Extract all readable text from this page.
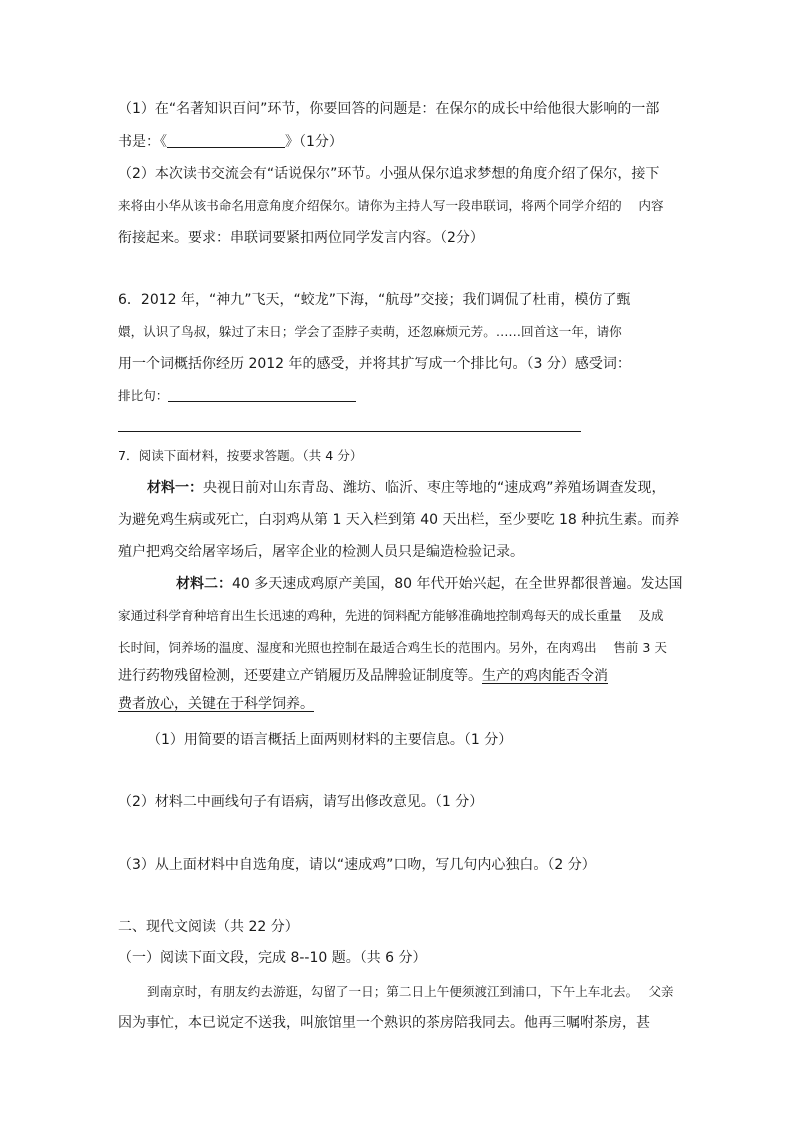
（1）在“名著知识百问”环节，你要回答的问题是：在保尔的成长中给他很大影响的一部
书是：《	》（1分）
（2）本次读书交流会有“话说保尔”环节。小强从保尔追求梦想的角度介绍了保尔，接下
来将由小华从该书命名用意角度介绍保尔。请你为主持人写一段串联词，将两个同学介绍的　 内容
衔接起来。要求：串联词要紧扣两位同学发言内容。（2分）
6．2012 年，“神九”飞天，“蛟龙”下海，“航母”交接；我们调侃了杜甫，模仿了甄
嬛，认识了鸟叔，躲过了末日；学会了歪脖子卖萌，还忽麻烦元芳。……回首这一年，请你
用一个词概括你经历 2012 年的感受，并将其扩写成一个排比句。（3 分）感受词：
排比句：
7．阅读下面材料，按要求答题。（共 4 分）
材料一：央视日前对山东青岛、潍坊、临沂、枣庄等地的“速成鸡”养殖场调查发现，
为避免鸡生病或死亡，白羽鸡从第 1 天入栏到第 40 天出栏，至少要吃 18 种抗生素。而养
殖户把鸡交给屠宰场后，屠宰企业的检测人员只是编造检验记录。
材料二：40 多天速成鸡原产美国，80 年代开始兴起，在全世界都很普遍。发达国
家通过科学育种培育出生长迅速的鸡种，先进的饲料配方能够准确地控制鸡每天的成长重量　 及成
长时间，饲养场的温度、湿度和光照也控制在最适合鸡生长的范围内。另外，在肉鸡出　 售前 3 天
进行药物残留检测，还要建立产销履历及品牌验证制度等。生产的鸡肉能否令消
费者放心，关键在于科学饲养。
（1）用简要的语言概括上面两则材料的主要信息。（1 分）
（2）材料二中画线句子有语病，请写出修改意见。（1 分）
（3）从上面材料中自选角度，请以“速成鸡”口吻，写几句内心独白。（2 分）
二、现代文阅读（共 22 分）
（一）阅读下面文段，完成 8--10 题。（共 6 分）
到南京时，有朋友约去游逛，勾留了一日；第二日上午便须渡江到浦口，下午上车北去。　 父亲
因为事忙，本已说定不送我，叫旅馆里一个熟识的茶房陪我同去。他再三嘱咐茶房，甚
